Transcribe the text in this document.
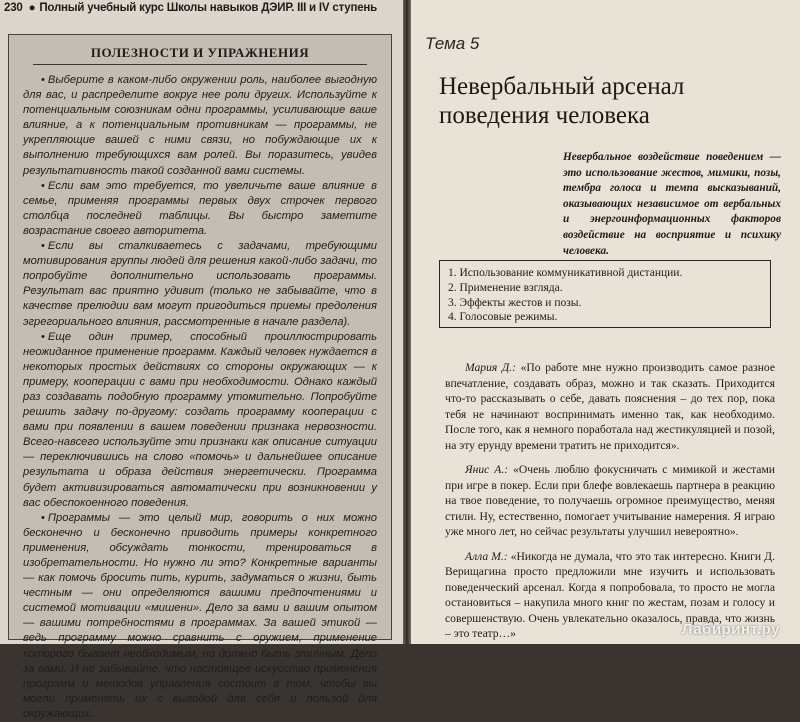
230 ● Полный учебный курс Школы навыков ДЭИР. III и IV ступень
ПОЛЕЗНОСТИ И УПРАЖНЕНИЯ

• Выберите в каком-либо окружении роль, наиболее выгодную для вас, и распределите вокруг нее роли других. Используйте к потенциальным союзникам одни программы, усиливающие ваше влияние, а к потенциальным противникам — программы, не укрепляющие вашей с ними связи, но побуждающие их к выполнению требующихся вам ролей. Вы поразитесь, увидев результативность такой созданной вами системы.

• Если вам это требуется, то увеличьте ваше влияние в семье, применяя программы первых двух строчек первого столбца последней таблицы. Вы быстро заметите возрастание своего авторитета.

• Если вы сталкиваетесь с задачами, требующими мотивирования группы людей для решения какой-либо задачи, то попробуйте дополнительно использовать программы. Результат вас приятно удивит (только не забывайте, что в качестве прелюдии вам могут пригодиться приемы предоления эгрегориального влияния, рассмотренные в начале раздела).

• Еще один пример, способный проиллюстрировать неожиданное применение программ. Каждый человек нуждается в некоторых простых действиях со стороны окружающих — к примеру, кооперации с вами при необходимости. Однако каждый раз создавать подобную программу утомительно. Попробуйте решить задачу по-другому: создать программу кооперации с вами при появлении в вашем поведении признака нервозности. Всего-навсего используйте эти признаки как описание ситуации — переключившись на слово «помочь» и дальнейшее описание результата и образа действия энергетически. Программа будет активизироваться автоматически при возникновении у вас обеспокоенного поведения.

• Программы — это целый мир, говорить о них можно бесконечно и бесконечно приводить примеры конкретного применения, обсуждать тонкости, тренироваться в изобретательности. Но нужно ли это? Конкретные варианты — как помочь бросить пить, курить, задуматься о жизни, быть честным — они определяются вашими предпочтениями и системой мотивации «мишени». Дело за вами и вашим опытом — вашими потребностями в программах. За вашей этикой — ведь программу можно сравнить с оружием, применение которого бывает необходимым, но должно быть этичным. Дело за вами. И не забывайте, что настоящее искусство применения программ и методов управления состоит в том, чтобы вы могли применять их с выгодой для себя и пользой для окружающих.

Тема 5
Невербальный арсенал поведения человека
Невербальное воздействие поведением — это использование жестов, мимики, позы, тембра голоса и темпа высказываний, оказывающих независимое от вербальных и энергоинформационных факторов воздействие на восприятие и психику человека.
1. Использование коммуникативной дистанции.
2. Применение взгляда.
3. Эффекты жестов и позы.
4. Голосовые режимы.

Мария Д.: «По работе мне нужно производить самое разное впечатление, создавать образ, можно и так сказать. Приходится что-то рассказывать о себе, давать пояснения – до тех пор, пока тебя не начинают воспринимать именно так, как необходимо. После того, как я немного поработала над жестикуляцией и позой, на эту ерунду времени тратить не приходится».

Янис А.: «Очень люблю фокусничать с мимикой и жестами при игре в покер. Если при блефе вовлекаешь партнера в реакцию на твое поведение, то получаешь огромное преимущество, меняя стили. Ну, естественно, помогает учитывание намерения. Я играю уже много лет, но сейчас результаты улучшил невероятно».

Алла М.: «Никогда не думала, что это так интересно. Книги Д. Верищагина просто предложили мне изучить и использовать поведенческий арсенал. Когда я попробовала, то просто не могла остановиться – накупила много книг по жестам, позам и голосу и совершенствую. Очень увлекательно оказалось, правда, что жизнь – это театр…»	Лабиринт.ру
